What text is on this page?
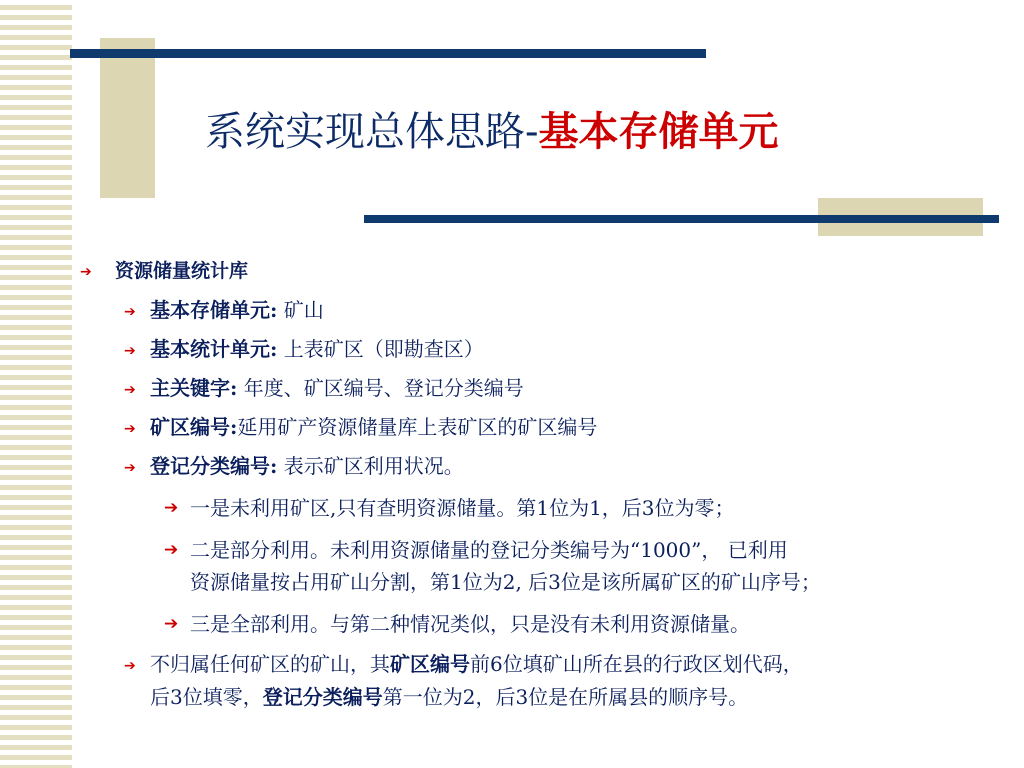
系统实现总体思路-基本存储单元
➔ 资源储量统计库
➔ 基本存储单元: 矿山
➔ 基本统计单元: 上表矿区（即勘查区）
➔ 主关键字: 年度、矿区编号、登记分类编号
➔ 矿区编号:延用矿产资源储量库上表矿区的矿区编号
➔ 登记分类编号: 表示矿区利用状况。
➔ 一是未利用矿区,只有查明资源储量。第1位为1，后3位为零；
➔ 二是部分利用。未利用资源储量的登记分类编号为“1000”， 已利用
资源储量按占用矿山分割，第1位为2, 后3位是该所属矿区的矿山序号；
➔ 三是全部利用。与第二种情况类似，只是没有未利用资源储量。
➔ 不归属任何矿区的矿山，其矿区编号前6位填矿山所在县的行政区划代码，
后3位填零，登记分类编号第一位为2，后3位是在所属县的顺序号。
